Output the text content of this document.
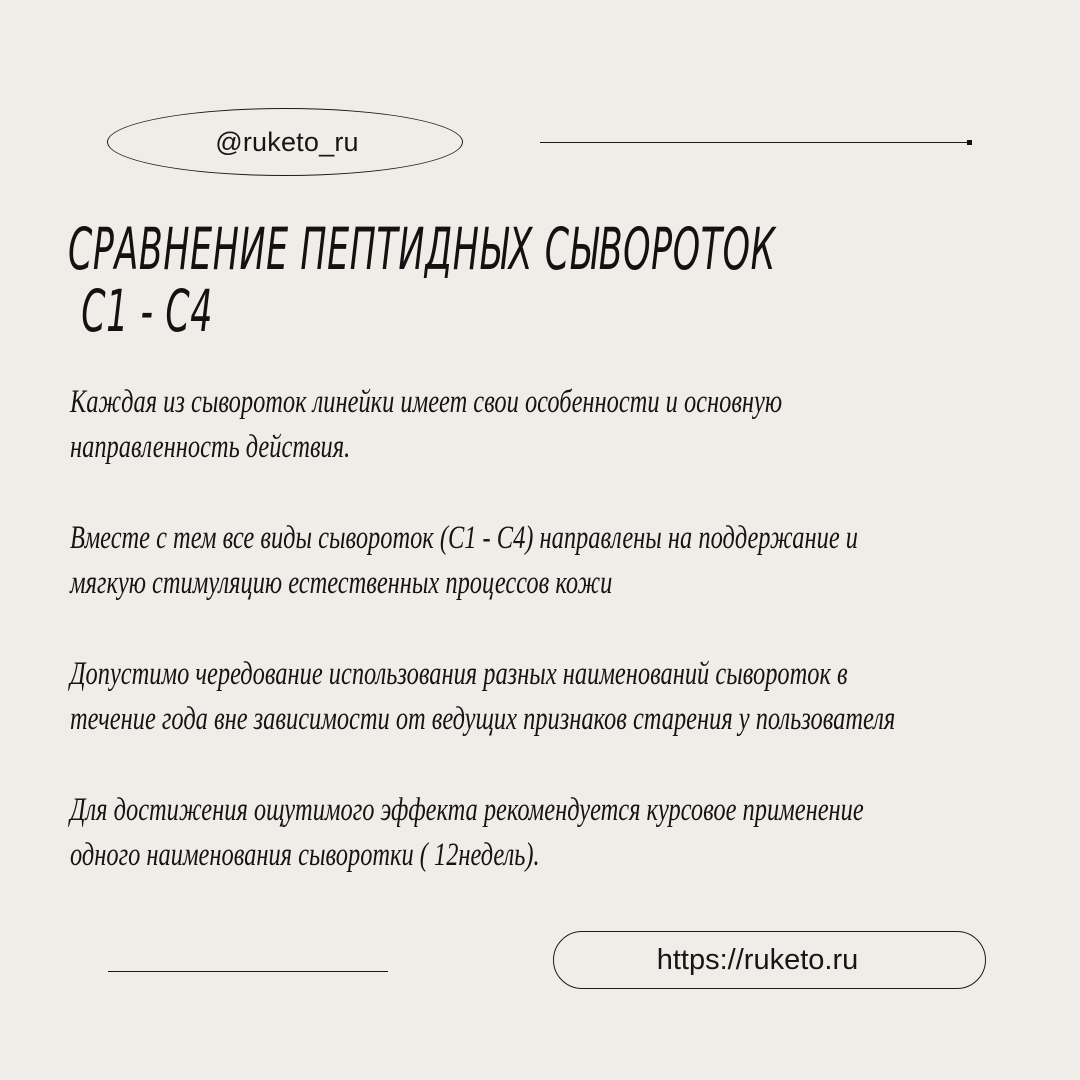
@ruketo_ru
СРАВНЕНИЕ ПЕПТИДНЫХ СЫВОРОТОК
С1 - С4

Каждая из сывороток линейки имеет свои особенности и основную
направленность действия.

Вместе с тем все виды сывороток (С1 - С4) направлены на поддержание и
мягкую стимуляцию естественных процессов кожи

Допустимо чередование использования разных наименований сывороток в
течение года вне зависимости от ведущих признаков старения у пользователя

Для достижения ощутимого эффекта рекомендуется курсовое применение
одного наименования сыворотки ( 12недель).

https://ruketo.ru
